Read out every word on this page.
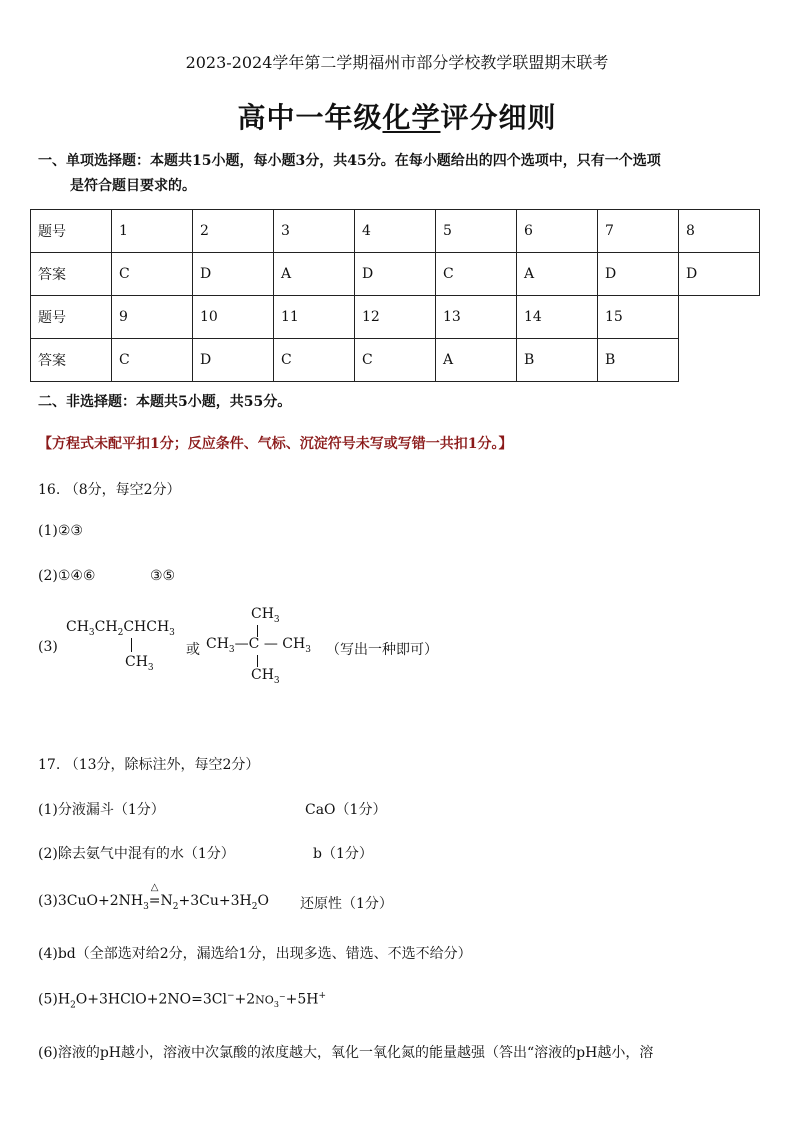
2023-2024学年第二学期福州市部分学校教学联盟期末联考
高中一年级化学评分细则
一、单项选择题：本题共15小题，每小题3分，共45分。在每小题给出的四个选项中，只有一个选项
是符合题目要求的。
题号	1	2	3	4	5	6	7	8
答案	C	D	A	D	C	A	D	D
题号	9	10	11	12	13	14	15	
答案	C	D	C	C	A	B	B	
二、非选择题：本题共5小题，共55分。
【方程式未配平扣1分；反应条件、气标、沉淀符号未写或写错一共扣1分。】
16. （8分，每空2分）
(1)②③
(2)①④⑥	③⑤
(3)
$CH_3CH_2CHCH_3$
$CH_3$
或
$CH_3$
$CH_3—C$ — $CH_3$
$CH_3$
（写出一种即可）
17. （13分，除标注外，每空2分）
(1)分液漏斗（1分）	CaO（1分）
(2)除去氨气中混有的水（1分）	b（1分）
$(3)3CuO+2NH_3$
△
$=N_2+3Cu+3H_2O$ 还原性（1分）
(4)bd（全部选对给2分，漏选给1分，出现多选、错选、不选不给分）
$(5)H_2O+3HClO+2NO=3Cl^-+2NO_3^-+5H^+$
(6)溶液的pH越小，溶液中次氯酸的浓度越大，氧化一氧化氮的能量越强（答出“溶液的pH越小，溶
